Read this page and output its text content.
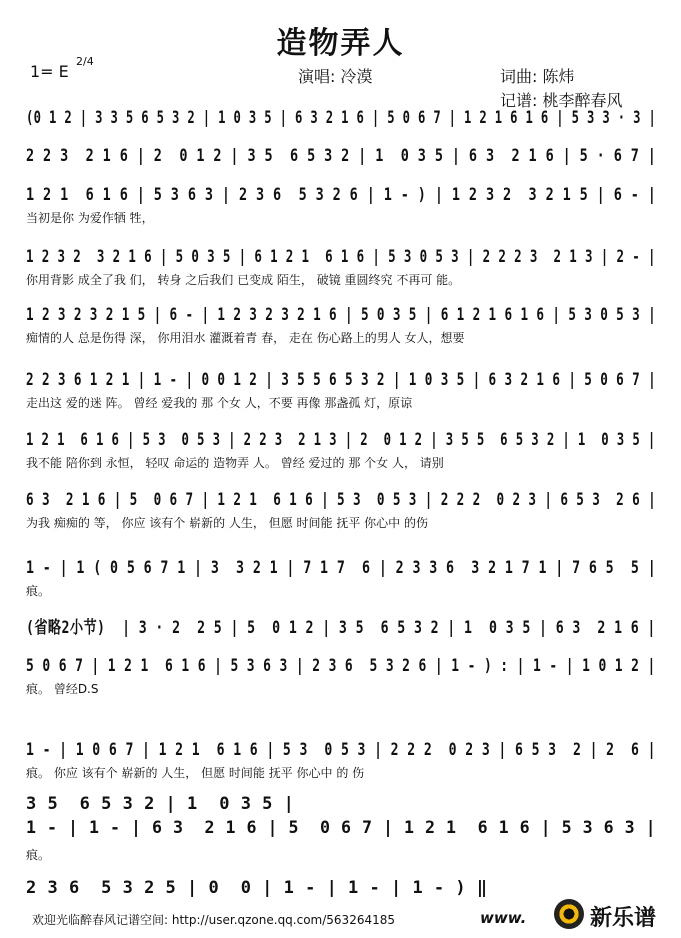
造物弄人
1= E
2/4
演唱: 冷漠	词曲: 陈炜
记谱: 桃李醉春风
(0 1 2 | 3 3 5 6 5 3 2 | 1 0 3 5 | 6 3 2 1 6 | 5 0 6 7 | 1 2 1 6 1 6 | 5 3 3 · 3 |
2 2 3  2 1 6 | 2  0 1 2 | 3 5  6 5 3 2 | 1  0 3 5 | 6 3  2 1 6 | 5 · 6 7 |
1 2 1  6 1 6 | 5 3 6 3 | 2 3 6  5 3 2 6 | 1 - ) | 1 2 3 2  3 2 1 5 | 6 - |
当初是你 为爱作牺 牲，
1 2 3 2  3 2 1 6 | 5 0 3 5 | 6 1 2 1  6 1 6 | 5 3 0 5 3 | 2 2 2 3  2 1 3 | 2 - |
你用背影 成全了我 们， 转身 之后我们 已变成 陌生， 破镜 重圆终究 不再可 能。
1 2 3 2 3 2 1 5 | 6 - | 1 2 3 2 3 2 1 6 | 5 0 3 5 | 6 1 2 1 6 1 6 | 5 3 0 5 3 |
痴情的人 总是伤得 深， 你用泪水 灌溉着青 春， 走在 伤心路上的男人 女人，想要
2 2 3 6 1 2 1 | 1 - | 0 0 1 2 | 3 5 5 6 5 3 2 | 1 0 3 5 | 6 3 2 1 6 | 5 0 6 7 |
走出这 爱的迷 阵。 曾经 爱我的 那 个女 人，不要 再像 那盏孤 灯，原谅
1 2 1  6 1 6 | 5 3  0 5 3 | 2 2 3  2 1 3 | 2  0 1 2 | 3 5 5  6 5 3 2 | 1  0 3 5 |
我不能 陪你到 永恒， 轻叹 命运的 造物弄 人。 曾经 爱过的 那 个女 人， 请别
6 3  2 1 6 | 5  0 6 7 | 1 2 1  6 1 6 | 5 3  0 5 3 | 2 2 2  0 2 3 | 6 5 3  2 6 |
为我 痴痴的 等， 你应 该有个 崭新的 人生， 但愿 时间能 抚平 你心中 的伤
1 - | 1 ( 0 5 6 7 1 | 3  3 2 1 | 7 1 7  6 | 2 3 3 6  3 2 1 7 1 | 7 6 5  5 |
痕。
(省略2小节)  | 3 · 2  2 5 | 5  0 1 2 | 3 5  6 5 3 2 | 1  0 3 5 | 6 3  2 1 6 |
5 0 6 7 | 1 2 1  6 1 6 | 5 3 6 3 | 2 3 6  5 3 2 6 | 1 - ) : | 1 - | 1 0 1 2 |
痕。 曾经D.S
1 - | 1 0 6 7 | 1 2 1  6 1 6 | 5 3  0 5 3 | 2 2 2  0 2 3 | 6 5 3  2 | 2  6 |
痕。 你应 该有个 崭新的 人生， 但愿 时间能 抚平 你心中 的 伤
3 5  6 5 3 2 | 1  0 3 5 |
1 - | 1 - | 6 3  2 1 6 | 5  0 6 7 | 1 2 1  6 1 6 | 5 3 6 3 |
痕。
2 3 6  5 3 2 5 | 0  0 | 1 - | 1 - | 1 - ) ‖
欢迎光临醉春风记谱空间: http://user.qzone.qq.com/563264185	www.	新乐谱
